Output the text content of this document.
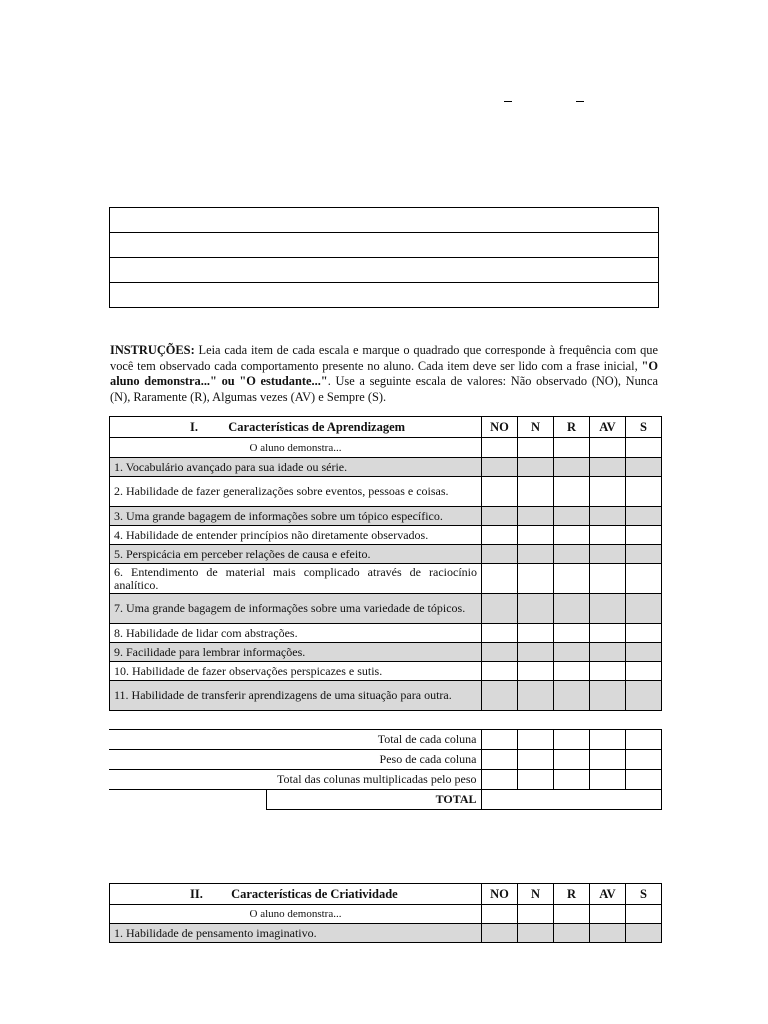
INSTRUÇÕES: Leia cada item de cada escala e marque o quadrado que corresponde à frequência com que você tem observado cada comportamento presente no aluno. Cada item deve ser lido com a frase inicial, "O aluno demonstra..." ou "O estudante...". Use a seguinte escala de valores: Não observado (NO), Nunca (N), Raramente (R), Algumas vezes (AV) e Sempre (S).
I. Características de Aprendizagem	NO	N	R	AV	S
O aluno demonstra...					
1. Vocabulário avançado para sua idade ou série.					
2. Habilidade de fazer generalizações sobre eventos, pessoas e coisas.					
3. Uma grande bagagem de informações sobre um tópico específico.					
4. Habilidade de entender princípios não diretamente observados.					
5. Perspicácia em perceber relações de causa e efeito.					
6. Entendimento de material mais complicado através de raciocínio analítico.					
7. Uma grande bagagem de informações sobre uma variedade de tópicos.					
8. Habilidade de lidar com abstrações.					
9. Facilidade para lembrar informações.					
10. Habilidade de fazer observações perspicazes e sutis.					
11. Habilidade de transferir aprendizagens de uma situação para outra.					
Total de cada coluna						
Peso de cada coluna						
Total das colunas multiplicadas pelo peso						
	TOTAL					
II. Características de Criatividade	NO	N	R	AV	S
O aluno demonstra...					
1. Habilidade de pensamento imaginativo.					
